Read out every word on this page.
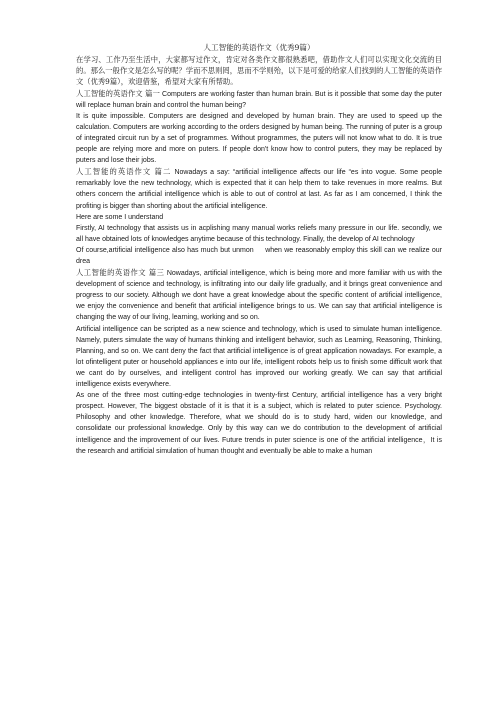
人工智能的英语作文（优秀9篇）

在学习、工作乃至生活中，大家都写过作文，肯定对各类作文都很熟悉吧，借助作文人们可以实现文化交流的目的。那么一般作文是怎么写的呢？学而不思则罔，思而不学则殆，以下是可爱的给家人们找到的人工智能的英语作文（优秀9篇），欢迎借鉴，希望对大家有所帮助。

人工智能的英语作文 篇一 Computers are working faster than human brain. But is it possible that some day the puter will replace human brain and control the human being?

It is quite impossible. Computers are designed and developed by human brain. They are used to speed up the calculation. Computers are working according to the orders designed by human being. The running of puter is a group of integrated circuit run by a set of programmes. Without programmes, the puters will not know what to do. It is true people are relying more and more on puters. If people don't know how to control puters, they may be replaced by puters and lose their jobs.

人工智能的英语作文 篇二 Nowadays a say: “artificial intelligence affects our life “es into vogue. Some people remarkably love the new technology, which is expected that it can help them to take revenues in more realms. But others concern the artificial intelligence which is able to out of control at last. As far as I am concerned, I think the profiting is bigger than shorting about the artificial intelligence.

Here are some I understand

Firstly, AI technology that assists us in acplishing many manual works reliefs many pressure in our life. secondly, we all have obtained lots of knowledges anytime because of this technology. Finally, the develop of AI technology

Of course,artificial intelligence also has much but unmon     when we reasonably employ this skill can we realize our drea

人工智能的英语作文 篇三 Nowadays, artificial intelligence, which is being more and more familiar with us with the development of science and technology, is infiltrating into our daily life gradually, and it brings great convenience and progress to our society. Although we dont have a great knowledge about the specific content of artificial intelligence, we enjoy the convenience and benefit that artificial intelligence brings to us. We can say that artificial intelligence is changing the way of our living, learning, working and so on.

Artificial intelligence can be scripted as a new science and technology, which is used to simulate human intelligence. Namely, puters simulate the way of humans thinking and intelligent behavior, such as Learning, Reasoning, Thinking, Planning, and so on. We cant deny the fact that artificial intelligence is of great application nowadays. For example, a lot ofintelligent puter or household appliances e into our life, intelligent robots help us to finish some difficult work that we cant do by ourselves, and intelligent control has improved our working greatly. We can say that artificial intelligence exists everywhere.

As one of the three most cutting-edge technologies in twenty-first Century, artificial intelligence has a very bright prospect. However, The biggest obstacle of it is that it is a subject, which is related to puter science. Psychology. Philosophy and other knowledge. Therefore, what we should do is to study hard, widen our knowledge, and consolidate our professional knowledge. Only by this way can we do contribution to the development of artificial intelligence and the improvement of our lives. Future trends in puter science is one of the artificial intelligence，It is the research and artificial simulation of human thought and eventually be able to make a human
